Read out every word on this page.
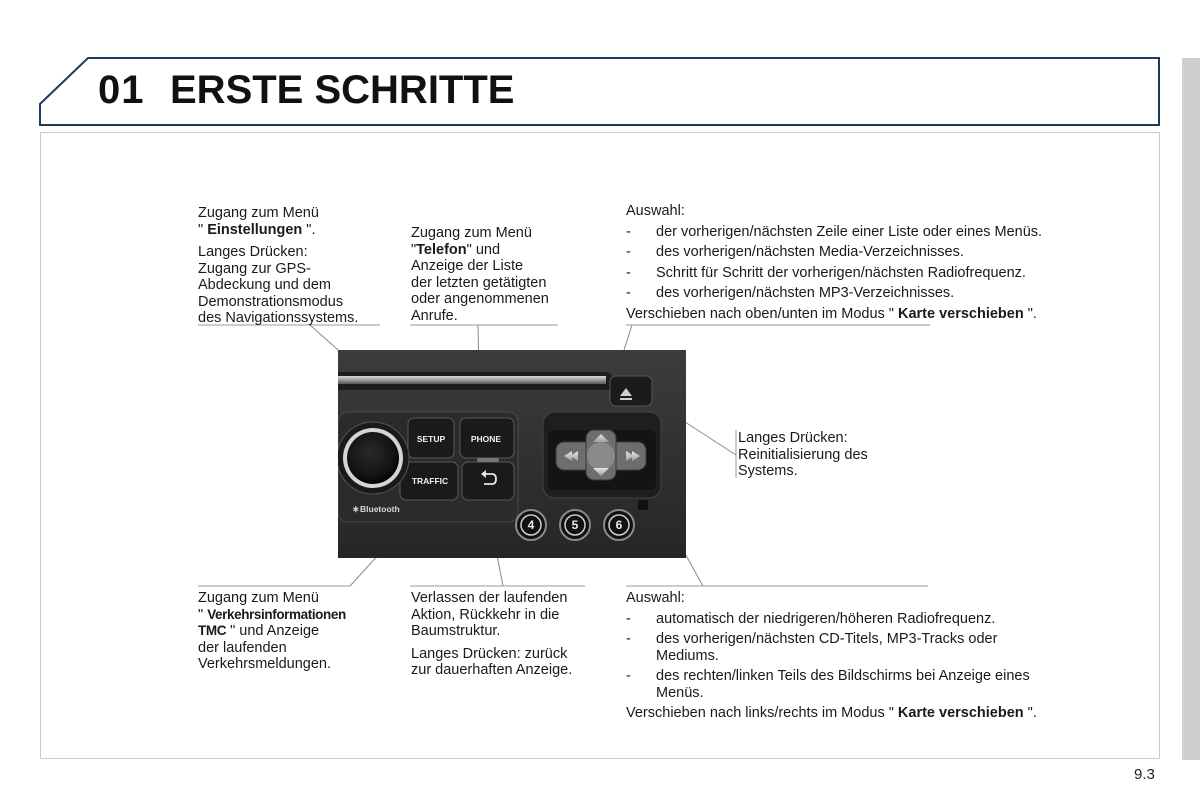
01 ERSTE SCHRITTE
SETUP	PHONE
TRAFFIC
∗ Bluetooth
4	5	6

Zugang zum Menü

" Einstellungen ".

Langes Drücken:

Zugang zur GPS-

Abdeckung und dem

Demonstrationsmodus

des Navigationssystems.

Zugang zum Menü

"Telefon" und

Anzeige der Liste

der letzten getätigten

oder angenommenen

Anrufe.

Auswahl:

- der vorherigen/nächsten Zeile einer Liste oder eines Menüs.
- des vorherigen/nächsten Media-Verzeichnisses.
- Schritt für Schritt der vorherigen/nächsten Radiofrequenz.
- des vorherigen/nächsten MP3-Verzeichnisses.

Verschieben nach oben/unten im Modus " Karte verschieben ".

Langes Drücken:

Reinitialisierung des

Systems.

Zugang zum Menü

" Verkehrsinformationen

TMC " und Anzeige

der laufenden

Verkehrsmeldungen.

Verlassen der laufenden

Aktion, Rückkehr in die

Baumstruktur.

Langes Drücken: zurück

zur dauerhaften Anzeige.

Auswahl:

- automatisch der niedrigeren/höheren Radiofrequenz.
- des vorherigen/nächsten CD-Titels, MP3-Tracks oder
Mediums.
- des rechten/linken Teils des Bildschirms bei Anzeige eines
Menüs.

Verschieben nach links/rechts im Modus " Karte verschieben ".

9.3
